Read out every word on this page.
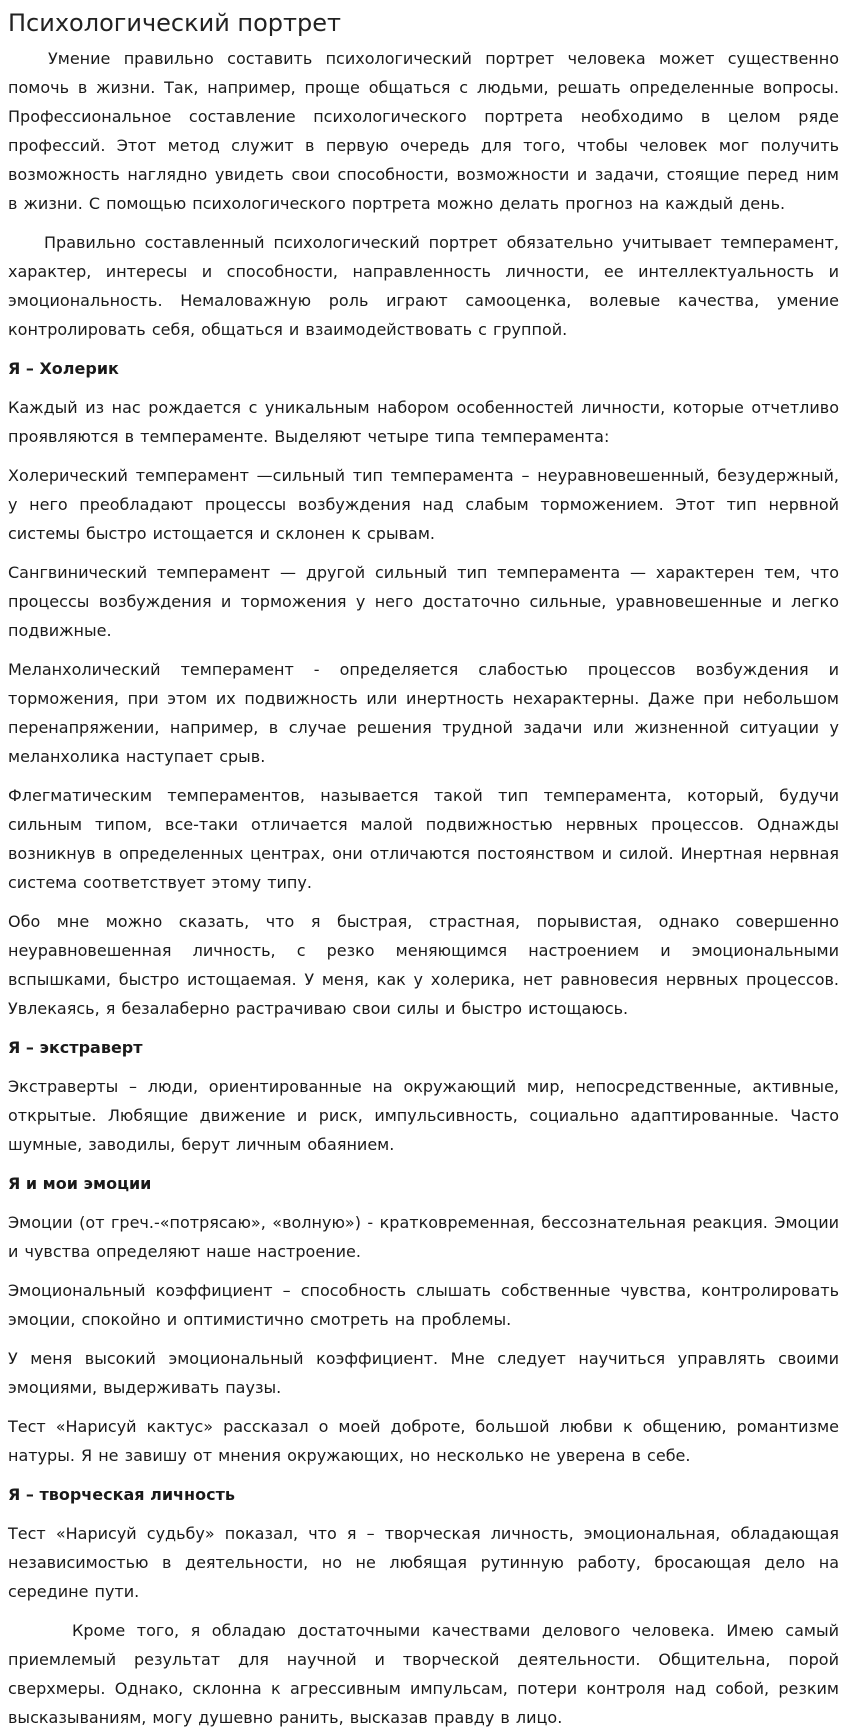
Психологический портрет

Умение правильно составить психологический портрет человека может существенно помочь в жизни. Так, например, проще общаться с людьми, решать определенные вопросы. Профессиональное составление психологического портрета необходимо в целом ряде профессий. Этот метод служит в первую очередь для того, чтобы человек мог получить возможность наглядно увидеть свои способности, возможности и задачи, стоящие перед ним в жизни. С помощью психологического портрета можно делать прогноз на каждый день.

Правильно составленный психологический портрет обязательно учитывает темперамент, характер, интересы и способности, направленность личности, ее интеллектуальность и эмоциональность. Немаловажную роль играют самооценка, волевые качества, умение контролировать себя, общаться и взаимодействовать с группой.

Я – Холерик

Каждый из нас рождается с уникальным набором особенностей личности, которые отчетливо проявляются в темпераменте. Выделяют четыре типа темперамента:

Холерический темперамент —сильный тип темперамента – неуравновешенный, безудержный, у него преобладают процессы возбуждения над слабым торможением. Этот тип нервной системы быстро истощается и склонен к срывам.

Сангвинический темперамент — другой сильный тип темперамента — характерен тем, что процессы возбуждения и торможения у него достаточно сильные, уравновешенные и легко подвижные.

Меланхолический темперамент - определяется слабостью процессов возбуждения и торможения, при этом их подвижность или инертность нехарактерны. Даже при небольшом перенапряжении, например, в случае решения трудной задачи или жизненной ситуации у меланхолика наступает срыв.

Флегматическим темпераментов, называется такой тип темперамента, который, будучи сильным типом, все-таки отличается малой подвижностью нервных процессов. Однажды возникнув в определенных центрах, они отличаются постоянством и силой. Инертная нервная система соответствует этому типу.

Обо мне можно сказать, что я быстрая, страстная, порывистая, однако совершенно неуравновешенная личность, с резко меняющимся настроением и эмоциональными вспышками, быстро истощаемая. У меня, как у холерика, нет равновесия нервных процессов. Увлекаясь, я безалаберно растрачиваю свои силы и быстро истощаюсь.

Я – экстраверт

Экстраверты – люди, ориентированные на окружающий мир, непосредственные, активные, открытые. Любящие движение и риск, импульсивность, социально адаптированные. Часто шумные, заводилы, берут личным обаянием.

Я и мои эмоции

Эмоции (от греч.-«потрясаю», «волную») - кратковременная, бессознательная реакция. Эмоции и чувства определяют наше настроение.

Эмоциональный коэффициент – способность слышать собственные чувства, контролировать эмоции, спокойно и оптимистично смотреть на проблемы.

У меня высокий эмоциональный коэффициент. Мне следует научиться управлять своими эмоциями, выдерживать паузы.

Тест «Нарисуй кактус» рассказал о моей доброте, большой любви к общению, романтизме натуры. Я не завишу от мнения окружающих, но несколько не уверена в себе.

Я – творческая личность

Тест «Нарисуй судьбу» показал, что я – творческая личность, эмоциональная, обладающая независимостью в деятельности, но не любящая рутинную работу, бросающая дело на середине пути.

Кроме того, я обладаю достаточными качествами делового человека. Имею самый приемлемый результат для научной и творческой деятельности. Общительна, порой сверхмеры. Однако, склонна к агрессивным импульсам, потери контроля над собой, резким высказываниям, могу душевно ранить, высказав правду в лицо.
